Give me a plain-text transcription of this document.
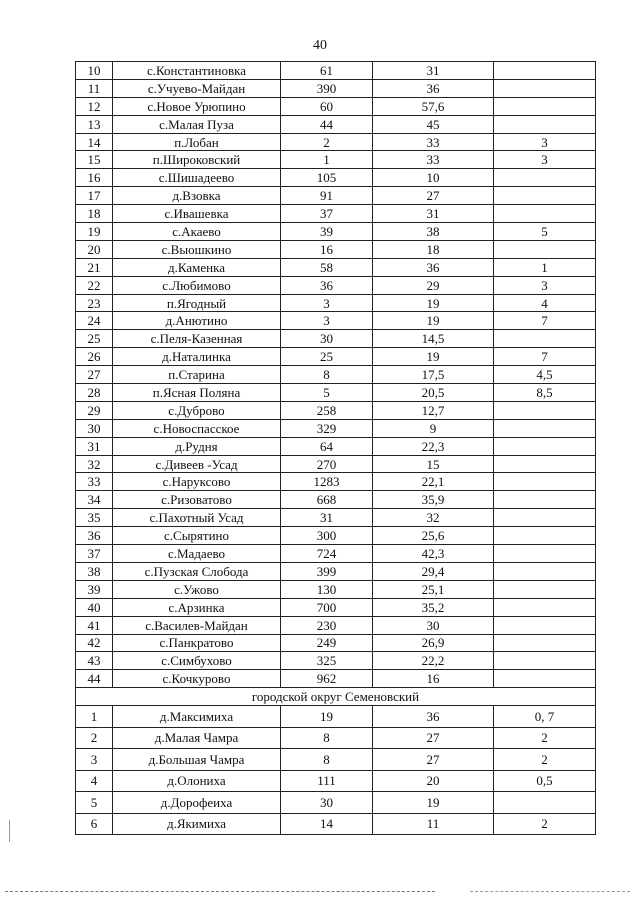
40
10	с.Константиновка	61	31	
11	с.Учуево-Майдан	390	36	
12	с.Новое Урюпино	60	57,6	
13	с.Малая Пуза	44	45	
14	п.Лобан	2	33	3
15	п.Широковский	1	33	3
16	с.Шишадеево	105	10	
17	д.Взовка	91	27	
18	с.Ивашевка	37	31	
19	с.Акаево	39	38	5
20	с.Выошкино	16	18	
21	д.Каменка	58	36	1
22	с.Любимово	36	29	3
23	п.Ягодный	3	19	4
24	д.Анютино	3	19	7
25	с.Пеля-Казенная	30	14,5	
26	д.Наталинка	25	19	7
27	п.Старина	8	17,5	4,5
28	п.Ясная Поляна	5	20,5	8,5
29	с.Дуброво	258	12,7	
30	с.Новоспасское	329	9	
31	д.Рудня	64	22,3	
32	с.Дивеев -Усад	270	15	
33	с.Наруксово	1283	22,1	
34	с.Ризоватово	668	35,9	
35	с.Пахотный Усад	31	32	
36	с.Сырятино	300	25,6	
37	с.Мадаево	724	42,3	
38	с.Пузская Слобода	399	29,4	
39	с.Ужово	130	25,1	
40	с.Арзинка	700	35,2	
41	с.Василев-Майдан	230	30	
42	с.Панкратово	249	26,9	
43	с.Симбухово	325	22,2	
44	с.Кочкурово	962	16	
городской округ Семеновский				
1	д.Максимиха	19	36	0, 7
2	д.Малая Чамра	8	27	2
3	д.Большая Чамра	8	27	2
4	д.Олониха	111	20	0,5
5	д.Дорофеиха	30	19	
6	д.Якимиха	14	11	2
